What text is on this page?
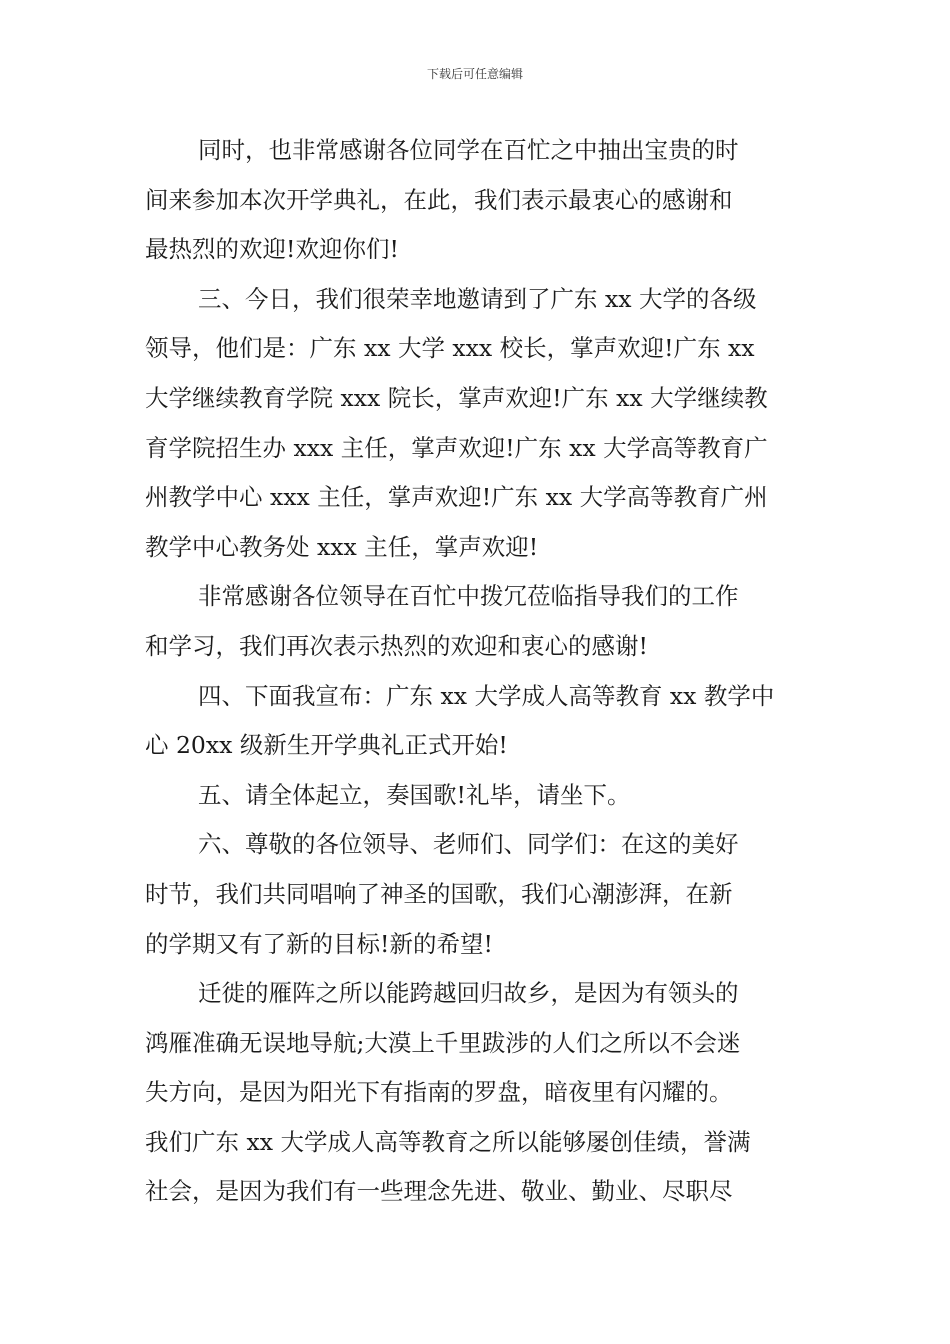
下载后可任意编辑
同时，也非常感谢各位同学在百忙之中抽出宝贵的时
间来参加本次开学典礼，在此，我们表示最衷心的感谢和
最热烈的欢迎!欢迎你们!
三、今日，我们很荣幸地邀请到了广东 xx 大学的各级
领导，他们是：广东 xx 大学 xxx 校长，掌声欢迎!广东 xx
大学继续教育学院 xxx 院长，掌声欢迎!广东 xx 大学继续教
育学院招生办 xxx 主任，掌声欢迎!广东 xx 大学高等教育广
州教学中心 xxx 主任，掌声欢迎!广东 xx 大学高等教育广州
教学中心教务处 xxx 主任，掌声欢迎!
非常感谢各位领导在百忙中拨冗莅临指导我们的工作
和学习，我们再次表示热烈的欢迎和衷心的感谢!
四、下面我宣布：广东 xx 大学成人高等教育 xx 教学中
心 20xx 级新生开学典礼正式开始!
五、请全体起立，奏国歌!礼毕，请坐下。
六、尊敬的各位领导、老师们、同学们：在这的美好
时节，我们共同唱响了神圣的国歌，我们心潮澎湃，在新
的学期又有了新的目标!新的希望!
迁徙的雁阵之所以能跨越回归故乡，是因为有领头的
鸿雁准确无误地导航;大漠上千里跋涉的人们之所以不会迷
失方向，是因为阳光下有指南的罗盘，暗夜里有闪耀的。
我们广东 xx 大学成人高等教育之所以能够屡创佳绩，誉满
社会，是因为我们有一些理念先进、敬业、勤业、尽职尽
